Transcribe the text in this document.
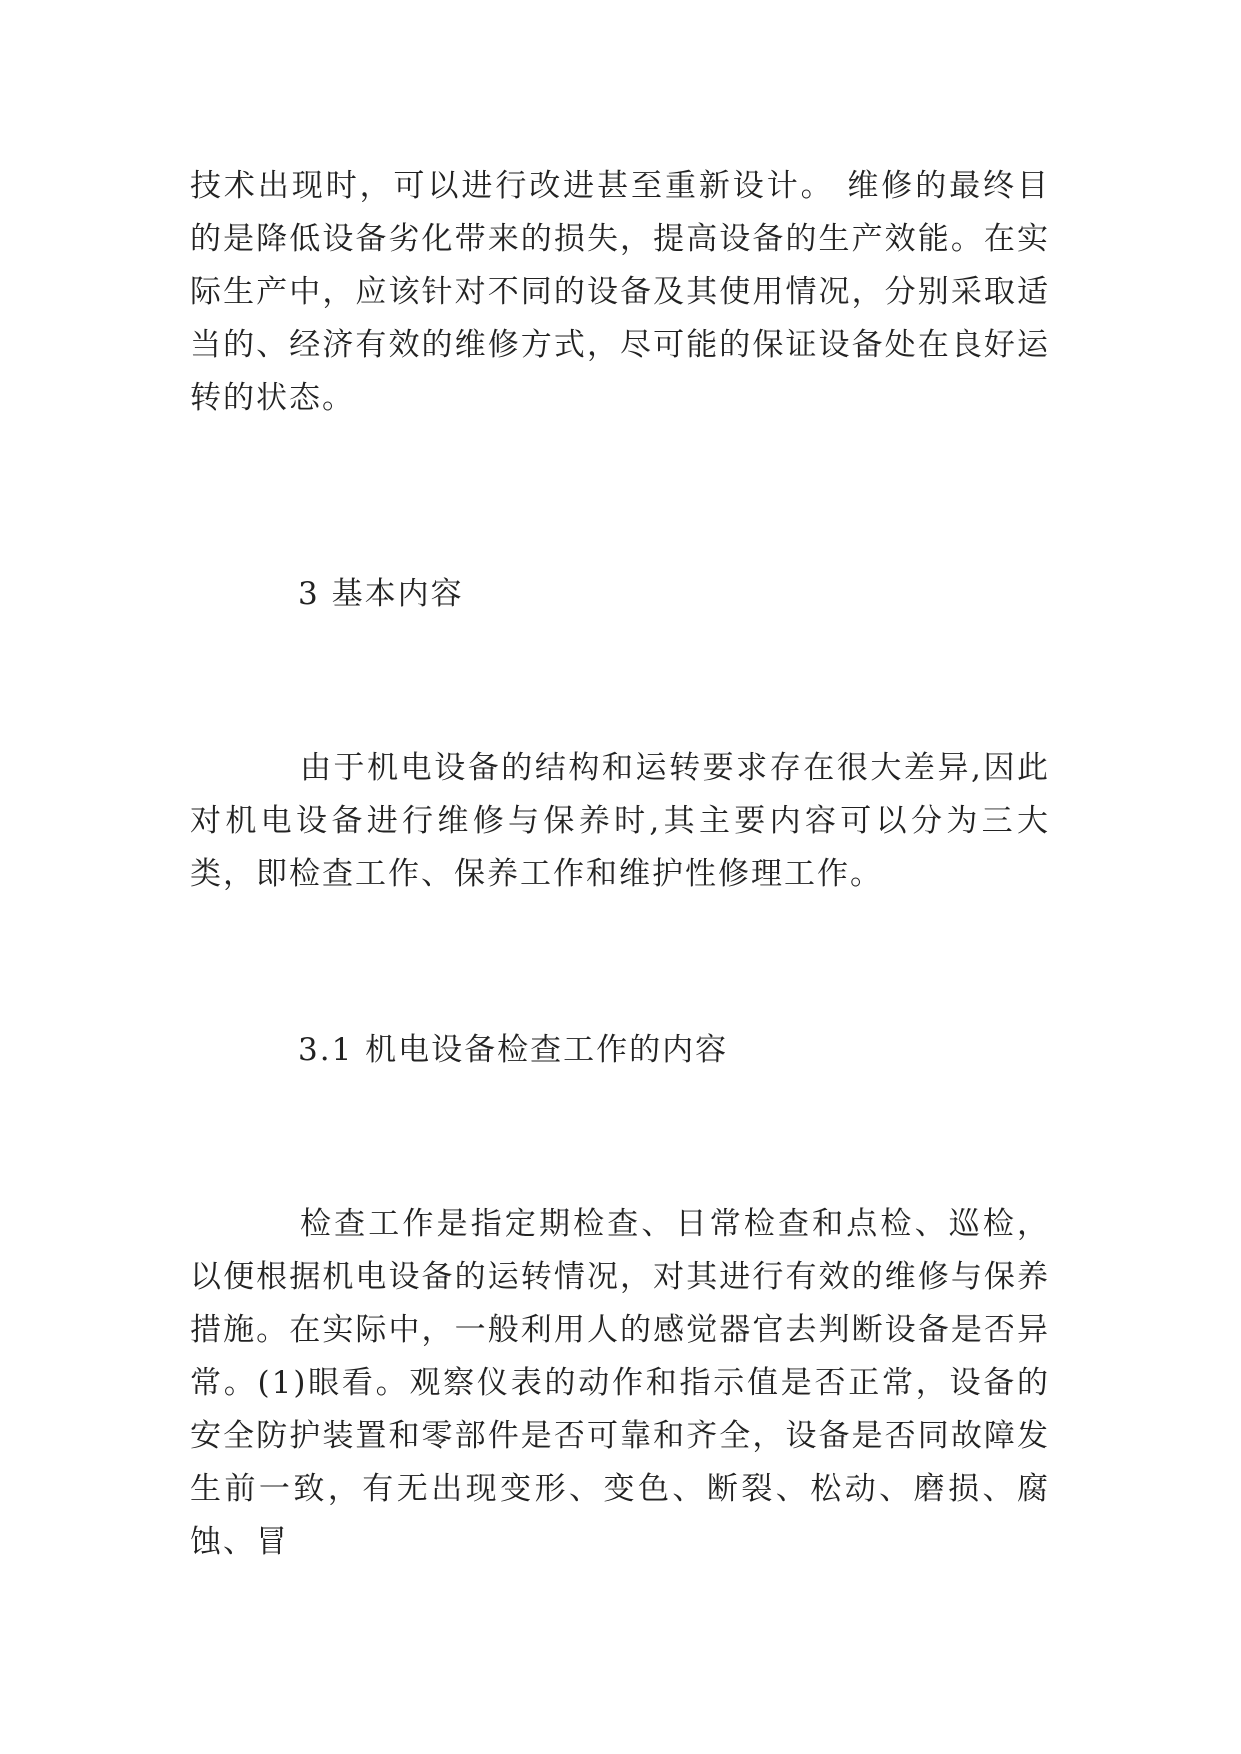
技术出现时，可以进行改进甚至重新设计。 维修的最终目的是降低设备劣化带来的损失，提高设备的生产效能。在实际生产中，应该针对不同的设备及其使用情况，分别采取适当的、经济有效的维修方式，尽可能的保证设备处在良好运转的状态。

3 基本内容

由于机电设备的结构和运转要求存在很大差异,因此对机电设备进行维修与保养时,其主要内容可以分为三大类，即检查工作、保养工作和维护性修理工作。

3.1 机电设备检查工作的内容

检查工作是指定期检查、日常检查和点检、巡检，以便根据机电设备的运转情况，对其进行有效的维修与保养措施。在实际中，一般利用人的感觉器官去判断设备是否异常。(1)眼看。观察仪表的动作和指示值是否正常，设备的安全防护装置和零部件是否可靠和齐全，设备是否同故障发生前一致，有无出现变形、变色、断裂、松动、磨损、腐蚀、冒
